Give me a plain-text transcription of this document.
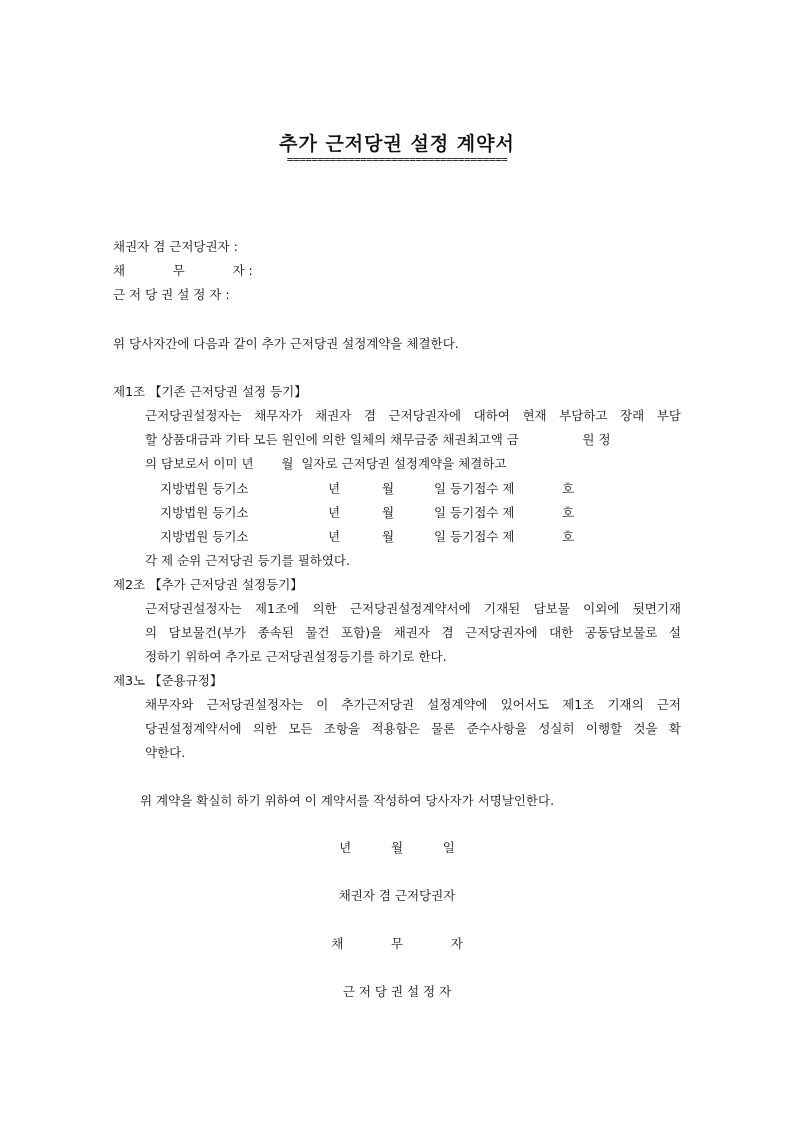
추가 근저당권 설정 계약서
====================================
채권자 겸 근저당권자 :
채            무            자 :
근 저 당 권 설 정 자 :
위 당사자간에 다음과 같이 추가 근저당권 설정계약을 체결한다.
제1조 【기존 근저당권 설정 등기】
근저당권설정자는 채무자가 채권자 겸 근저당권자에 대하여 현재 부담하고 장래 부담
할 상품대금과 기타 모든 원인에 의한 일체의 채무금중 채권최고액 금                원 정
의 담보로서 이미 년       월  일자로 근저당권 설정계약을 체결하고
지방법원 등기소	년	월	일 등기접수 제	호
지방법원 등기소	년	월	일 등기접수 제	호
지방법원 등기소	년	월	일 등기접수 제	호
각 제 순위 근저당권 등기를 필하였다.
제2조 【추가 근저당권 설정등기】
근저당권설정자는 제1조에 의한 근저당권설정계약서에 기재된 담보물 이외에 뒷면기재
의 담보물건(부가 종속된 물건 포함)을 채권자 겸 근저당권자에 대한 공동담보물로 설
정하기 위하여 추가로 근저당권설정등기를 하기로 한다.
제3노 【준용규정】
채무자와 근저당권설정자는 이 추가근저당권 설정계약에 있어서도 제1조 기재의 근저
당권설정계약서에 의한 모든 조항을 적용함은 물론 준수사항을 성실히 이행할 것을 확
약한다.
위 계약을 확실히 하기 위하여 이 계약서를 작성하여 당사자가 서명날인한다.
년          월          일
채권자 겸 근저당권자
채            무            자
근 저 당 권 설 정 자
